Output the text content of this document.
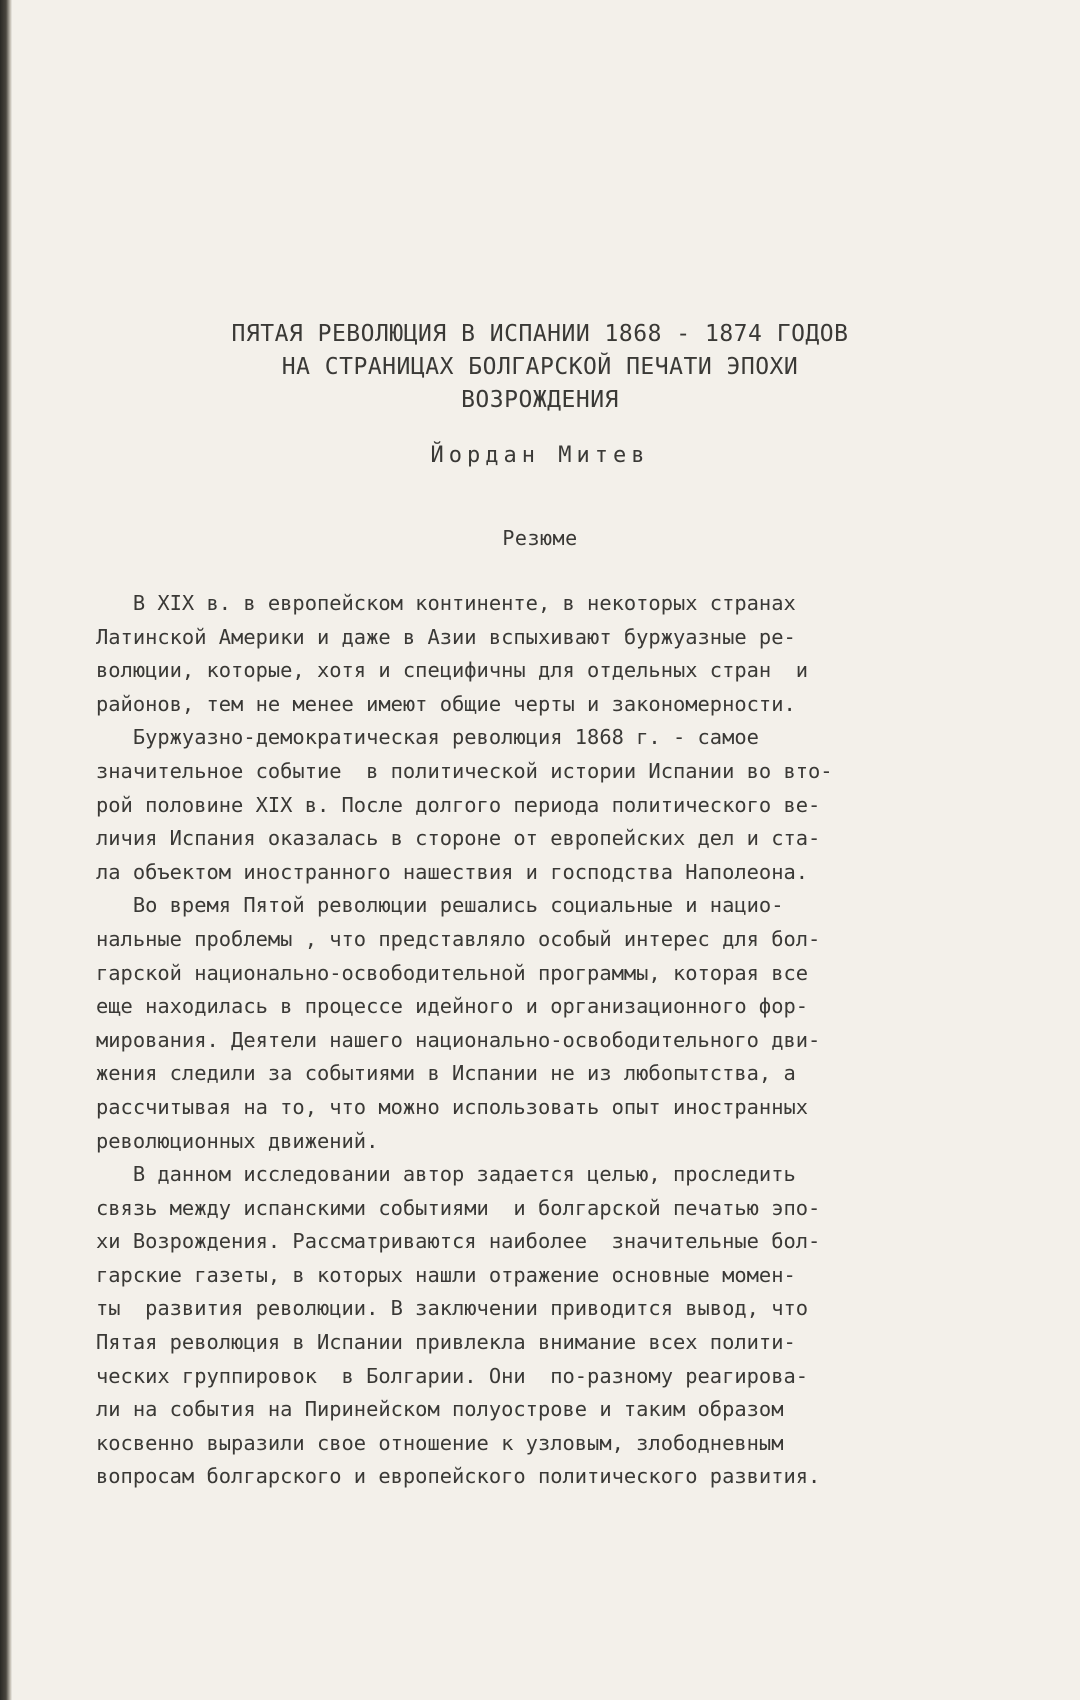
ПЯТАЯ РЕВОЛЮЦИЯ В ИСПАНИИ 1868 - 1874 ГОДОВ
НА СТРАНИЦАХ БОЛГАРСКОЙ ПЕЧАТИ ЭПОХИ
ВОЗРОЖДЕНИЯ
Йордан Митев
Резюме
В XIX в. в европейском континенте, в некоторых странах
Латинской Америки и даже в Азии вспыхивают буржуазные ре-
волюции, которые, хотя и специфичны для отдельных стран  и
районов, тем не менее имеют общие черты и закономерности.
Буржуазно-демократическая революция 1868 г. - самое
значительное событие  в политической истории Испании во вто-
рой половине XIX в. После долгого периода политического ве-
личия Испания оказалась в стороне от европейских дел и ста-
ла объектом иностранного нашествия и господства Наполеона.
Во время Пятой революции решались социальные и нацио-
нальные проблемы , что представляло особый интерес для бол-
гарской национально-освободительной программы, которая все
еще находилась в процессе идейного и организационного фор-
мирования. Деятели нашего национально-освободительного дви-
жения следили за событиями в Испании не из любопытства, а
рассчитывая на то, что можно использовать опыт иностранных
революционных движений.
В данном исследовании автор задается целью, проследить
связь между испанскими событиями  и болгарской печатью эпо-
хи Возрождения. Рассматриваются наиболее  значительные бол-
гарские газеты, в которых нашли отражение основные момен-
ты  развития революции. В заключении приводится вывод, что
Пятая революция в Испании привлекла внимание всех полити-
ческих группировок  в Болгарии. Они  по-разному реагирова-
ли на события на Пиринейском полуострове и таким образом
косвенно выразили свое отношение к узловым, злободневным
вопросам болгарского и европейского политического развития.
